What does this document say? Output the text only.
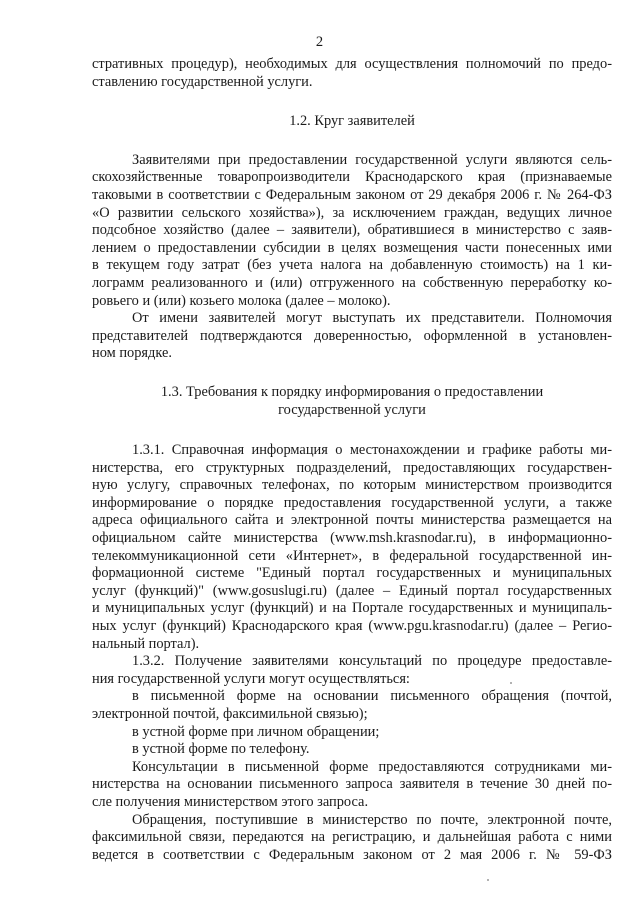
2
стративных процедур), необходимых для осуществления полномочий по предо-
ставлению государственной услуги.
1.2. Круг заявителей
Заявителями при предоставлении государственной услуги являются сель-
скохозяйственные товаропроизводители Краснодарского края (признаваемые
таковыми в соответствии с Федеральным законом от 29 декабря 2006 г. № 264-ФЗ
«О развитии сельского хозяйства»), за исключением граждан, ведущих личное
подсобное хозяйство (далее – заявители), обратившиеся в министерство с заяв-
лением о предоставлении субсидии в целях возмещения части понесенных ими
в текущем году затрат (без учета налога на добавленную стоимость) на 1 ки-
лограмм реализованного и (или) отгруженного на собственную переработку ко-
ровьего и (или) козьего молока (далее – молоко).
От имени заявителей могут выступать их представители. Полномочия
представителей подтверждаются доверенностью, оформленной в установлен-
ном порядке.
1.3. Требования к порядку информирования о предоставлении
государственной услуги
1.3.1. Справочная информация о местонахождении и графике работы ми-
нистерства, его структурных подразделений, предоставляющих государствен-
ную услугу, справочных телефонах, по которым министерством производится
информирование о порядке предоставления государственной услуги, а также
адреса официального сайта и электронной почты министерства размещается на
официальном сайте министерства (www.msh.krasnodar.ru), в информационно-
телекоммуникационной сети «Интернет», в федеральной государственной ин-
формационной системе "Единый портал государственных и муниципальных
услуг (функций)" (www.gosuslugi.ru) (далее – Единый портал государственных
и муниципальных услуг (функций) и на Портале государственных и муниципаль-
ных услуг (функций) Краснодарского края (www.pgu.krasnodar.ru) (далее – Регио-
нальный портал).
1.3.2. Получение заявителями консультаций по процедуре предоставле-
ния государственной услуги могут осуществляться:
в письменной форме на основании письменного обращения (почтой,
электронной почтой, факсимильной связью);
в устной форме при личном обращении;
в устной форме по телефону.
Консультации в письменной форме предоставляются сотрудниками ми-
нистерства на основании письменного запроса заявителя в течение 30 дней по-
сле получения министерством этого запроса.
Обращения, поступившие в министерство по почте, электронной почте,
факсимильной связи, передаются на регистрацию, и дальнейшая работа с ними
ведется в соответствии с Федеральным законом от 2 мая 2006 г. № 59-ФЗ
